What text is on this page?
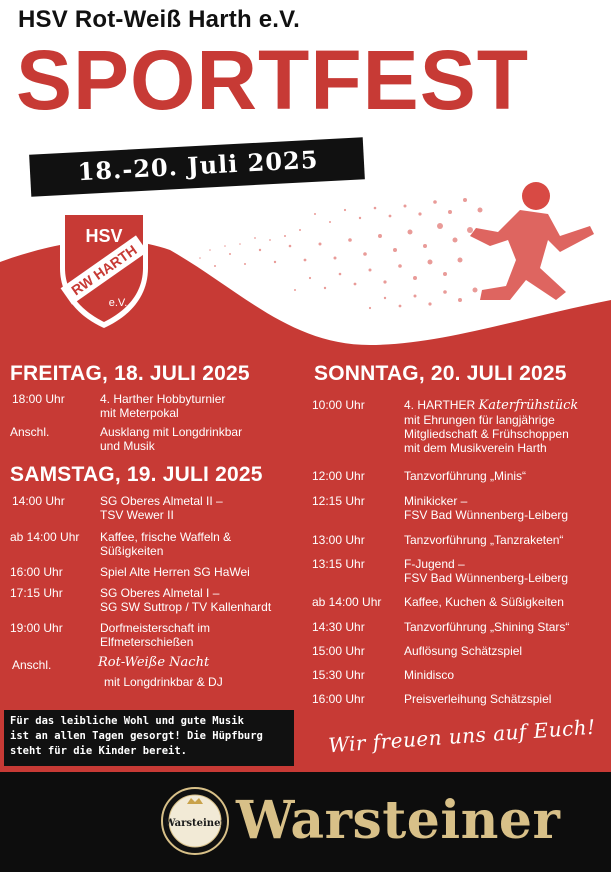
HSV Rot-Weiß Harth e.V.
SPORTFEST
18.-20. Juli 2025
HSV
RW HARTH
e.V.
FREITAG, 18. JULI 2025
18:00 Uhr	4. Harther Hobbyturnier
mit Meterpokal
Anschl.	Ausklang mit Longdrinkbar
und Musik
SAMSTAG, 19. JULI 2025
14:00 Uhr	SG Oberes Almetal II –
TSV Wewer II
ab 14:00 Uhr Kaffee, frische Waffeln &
Süßigkeiten
16:00 Uhr	Spiel Alte Herren SG HaWei
17:15 Uhr	SG Oberes Almetal I –
SG SW Suttrop / TV Kallenhardt
19:00 Uhr	Dorfmeisterschaft im
Elfmeterschießen
Anschl.	Rot-Weiße Nacht
mit Longdrinkbar & DJ
SONNTAG, 20. JULI 2025
10:00 Uhr	4. HARTHER Katerfrühstück
mit Ehrungen für langjährige
Mitgliedschaft & Frühschoppen
mit dem Musikverein Harth
12:00 Uhr	Tanzvorführung „Minis“
12:15 Uhr	Minikicker –
FSV Bad Wünnenberg-Leiberg
13:00 Uhr	Tanzvorführung „Tanzraketen“
13:15 Uhr	F-Jugend –
FSV Bad Wünnenberg-Leiberg
ab 14:00 Uhr Kaffee, Kuchen & Süßigkeiten
14:30 Uhr	Tanzvorführung „Shining Stars“
15:00 Uhr	Auflösung Schätzspiel
15:30 Uhr	Minidisco
16:00 Uhr	Preisverleihung Schätzspiel
Für das leibliche Wohl und gute Musik
ist an allen Tagen gesorgt! Die Hüpfburg
steht für die Kinder bereit.	Wir freuen uns auf Euch!
Warsteiner Warsteiner
